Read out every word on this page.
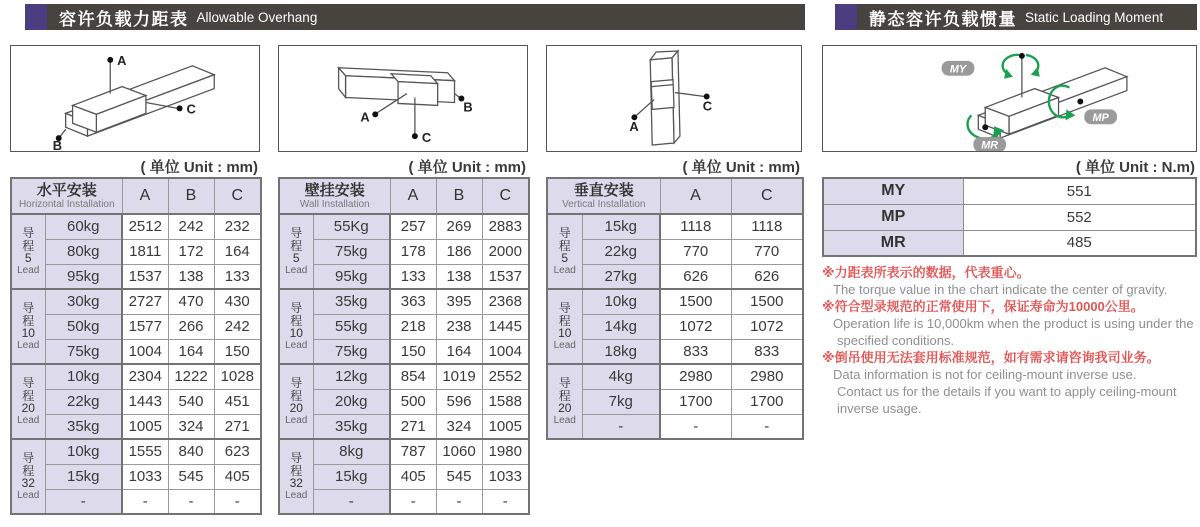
容许负载力距表 Allowable Overhang	静态容许负载惯量 Static Loading Moment
A
B
C
( 单位 Unit : mm)
水平安装
Horizontal Installation		A	B	C

导
程
5
Lead	60kg	2512	242	232
	80kg	1811	172	164
	95kg	1537	138	133

导
程
10
Lead	30kg	2727	470	430
	50kg	1577	266	242
	75kg	1004	164	150

导
程
20
Lead	10kg	2304	1222	1028
	22kg	1443	540	451
	35kg	1005	324	271

导
程
32
Lead	10kg	1555	840	623
	15kg	1033	545	405
	-	-	-	-
B
A
C
( 单位 Unit : mm)
壁挂安装
Wall Installation		A	B	C

导
程
5
Lead	55Kg	257	269	2883
	75kg	178	186	2000
	95kg	133	138	1537

导
程
10
Lead	35kg	363	395	2368
	55kg	218	238	1445
	75kg	150	164	1004

导
程
20
Lead	12kg	854	1019	2552
	20kg	500	596	1588
	35kg	271	324	1005

导
程
32
Lead	8kg	787	1060	1980
	15kg	405	545	1033
	-	-	-	-
A
C
( 单位 Unit : mm)
垂直安装
Vertical Installation		A	C

导
程
5
Lead	15kg	1118	1118
	22kg	770	770
	27kg	626	626

导
程
10
Lead	10kg	1500	1500
	14kg	1072	1072
	18kg	833	833

导
程
20
Lead	4kg	2980	2980
	7kg	1700	1700
	-	-	-
MY
MP
MR
( 单位 Unit : N.m)
MY	551
MP	552
MR	485
※力距表所表示的数据，代表重心。
The torque value in the chart indicate the center of gravity.
※符合型录规范的正常使用下，保证寿命为10000公里。
Operation life is 10,000km when the product is using under the
specified conditions.
※倒吊使用无法套用标准规范，如有需求请咨询我司业务。
Data information is not for ceiling-mount inverse use.
Contact us for the details if you want to apply ceiling-mount
inverse usage.
